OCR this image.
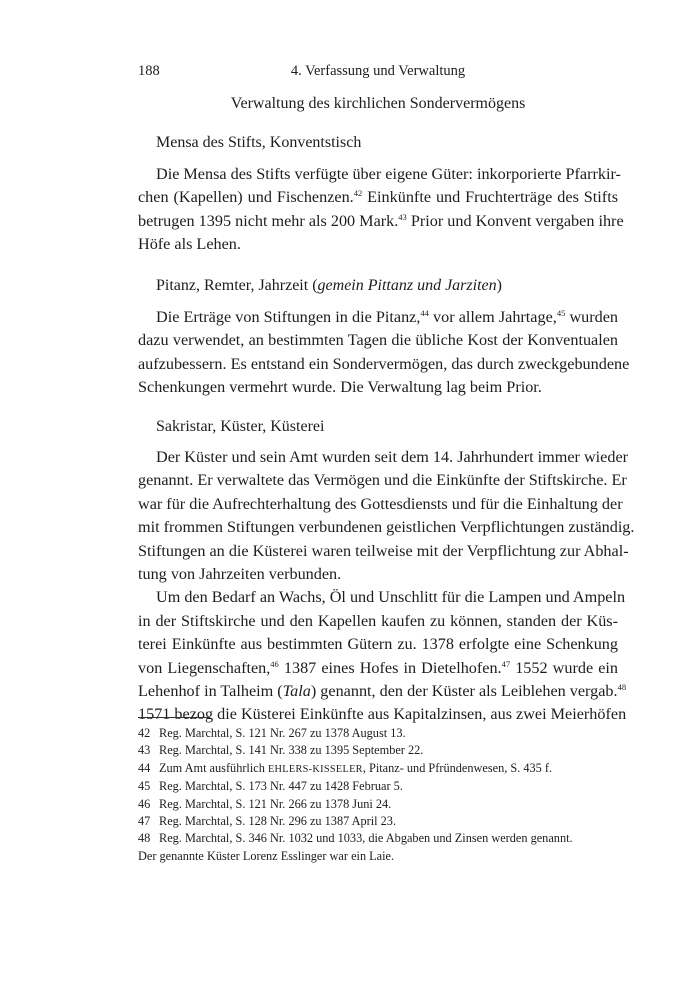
188	4. Verfassung und Verwaltung
Verwaltung des kirchlichen Sondervermögens
Mensa des Stifts, Konventstisch
Die Mensa des Stifts verfügte über eigene Güter: inkorporierte Pfarrkir-
chen (Kapellen) und Fischenzen.$^{42}$ Einkünfte und Fruchterträge des Stifts
betrugen 1395 nicht mehr als 200 Mark.$^{43}$ Prior und Konvent vergaben ihre
Höfe als Lehen.
Pitanz, Remter, Jahrzeit (gemein Pittanz und Jarziten)
Die Erträge von Stiftungen in die Pitanz,$^{44}$ vor allem Jahrtage,$^{45}$ wurden
dazu verwendet, an bestimmten Tagen die übliche Kost der Konventualen
aufzubessern. Es entstand ein Sondervermögen, das durch zweckgebundene
Schenkungen vermehrt wurde. Die Verwaltung lag beim Prior.
Sakristar, Küster, Küsterei
Der Küster und sein Amt wurden seit dem 14. Jahrhundert immer wieder
genannt. Er verwaltete das Vermögen und die Einkünfte der Stiftskirche. Er
war für die Aufrechterhaltung des Gottesdiensts und für die Einhaltung der
mit frommen Stiftungen verbundenen geistlichen Verpflichtungen zuständig.
Stiftungen an die Küsterei waren teilweise mit der Verpflichtung zur Abhal-
tung von Jahrzeiten verbunden.
Um den Bedarf an Wachs, Öl und Unschlitt für die Lampen und Ampeln
in der Stiftskirche und den Kapellen kaufen zu können, standen der Küs-
terei Einkünfte aus bestimmten Gütern zu. 1378 erfolgte eine Schenkung
von Liegenschaften,$^{46}$ 1387 eines Hofes in Dietelhofen.$^{47}$ 1552 wurde ein
Lehenhof in Talheim (Tala) genannt, den der Küster als Leiblehen vergab.$^{48}$
1571 bezog die Küsterei Einkünfte aus Kapitalzinsen, aus zwei Meierhöfen
42 Reg. Marchtal, S. 121 Nr. 267 zu 1378 August 13.
43 Reg. Marchtal, S. 141 Nr. 338 zu 1395 September 22.
44 Zum Amt ausführlich EHLERS-KISSELER, Pitanz- und Pfründenwesen, S. 435 f.
45 Reg. Marchtal, S. 173 Nr. 447 zu 1428 Februar 5.
46 Reg. Marchtal, S. 121 Nr. 266 zu 1378 Juni 24.
47 Reg. Marchtal, S. 128 Nr. 296 zu 1387 April 23.
48 Reg. Marchtal, S. 346 Nr. 1032 und 1033, die Abgaben und Zinsen werden genannt.
Der genannte Küster Lorenz Esslinger war ein Laie.
